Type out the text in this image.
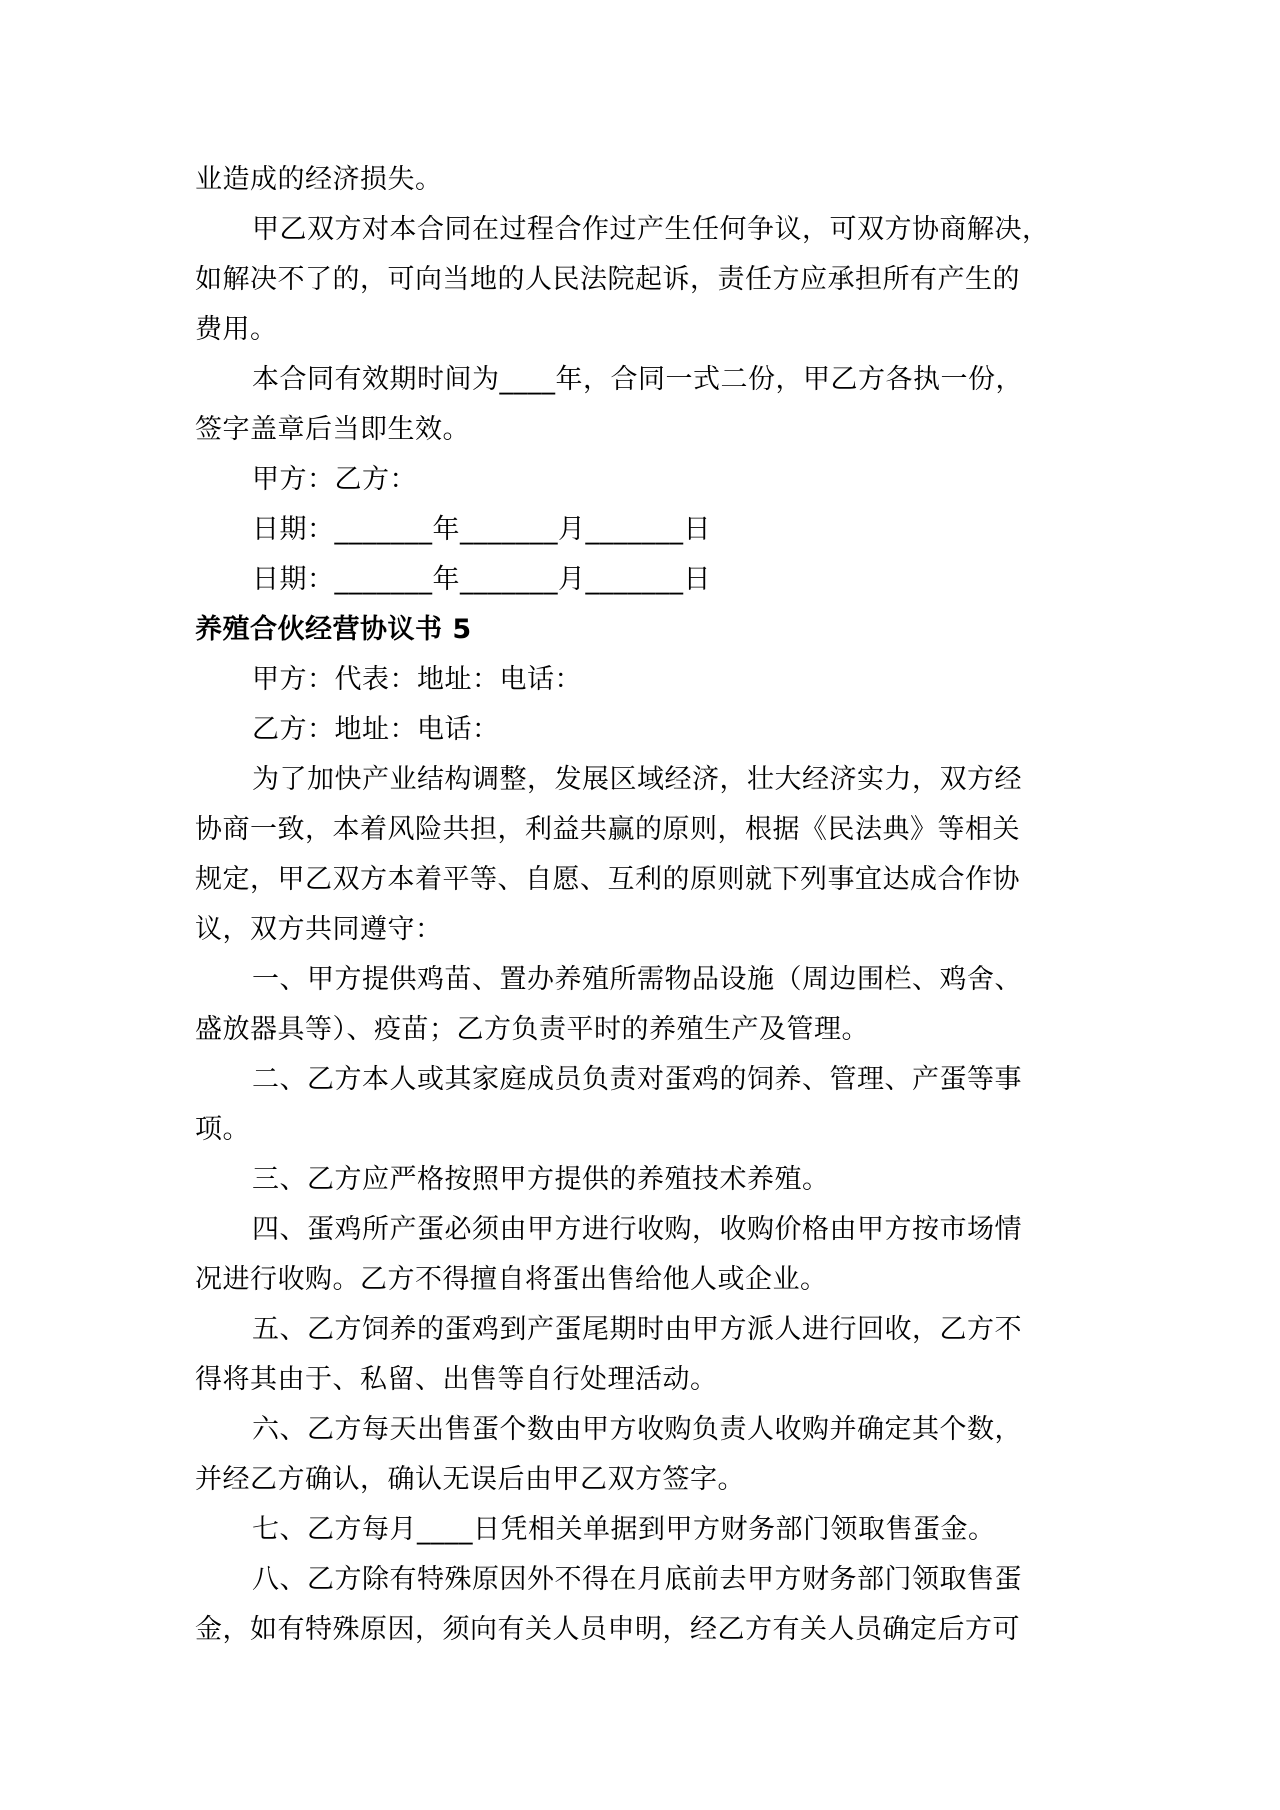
业造成的经济损失。
甲乙双方对本合同在过程合作过产生任何争议，可双方协商解决，
如解决不了的，可向当地的人民法院起诉，责任方应承担所有产生的
费用。
本合同有效期时间为____年，合同一式二份，甲乙方各执一份，
签字盖章后当即生效。
甲方：乙方：
日期：_______年_______月_______日
日期：_______年_______月_______日
养殖合伙经营协议书 5
甲方：代表：地址：电话：
乙方：地址：电话：
为了加快产业结构调整，发展区域经济，壮大经济实力，双方经
协商一致，本着风险共担，利益共赢的原则，根据《民法典》等相关
规定，甲乙双方本着平等、自愿、互利的原则就下列事宜达成合作协
议，双方共同遵守：
一、甲方提供鸡苗、置办养殖所需物品设施（周边围栏、鸡舍、
盛放器具等）、疫苗；乙方负责平时的养殖生产及管理。
二、乙方本人或其家庭成员负责对蛋鸡的饲养、管理、产蛋等事
项。
三、乙方应严格按照甲方提供的养殖技术养殖。
四、蛋鸡所产蛋必须由甲方进行收购，收购价格由甲方按市场情
况进行收购。乙方不得擅自将蛋出售给他人或企业。
五、乙方饲养的蛋鸡到产蛋尾期时由甲方派人进行回收，乙方不
得将其由于、私留、出售等自行处理活动。
六、乙方每天出售蛋个数由甲方收购负责人收购并确定其个数，
并经乙方确认，确认无误后由甲乙双方签字。
七、乙方每月____日凭相关单据到甲方财务部门领取售蛋金。
八、乙方除有特殊原因外不得在月底前去甲方财务部门领取售蛋
金，如有特殊原因，须向有关人员申明，经乙方有关人员确定后方可
